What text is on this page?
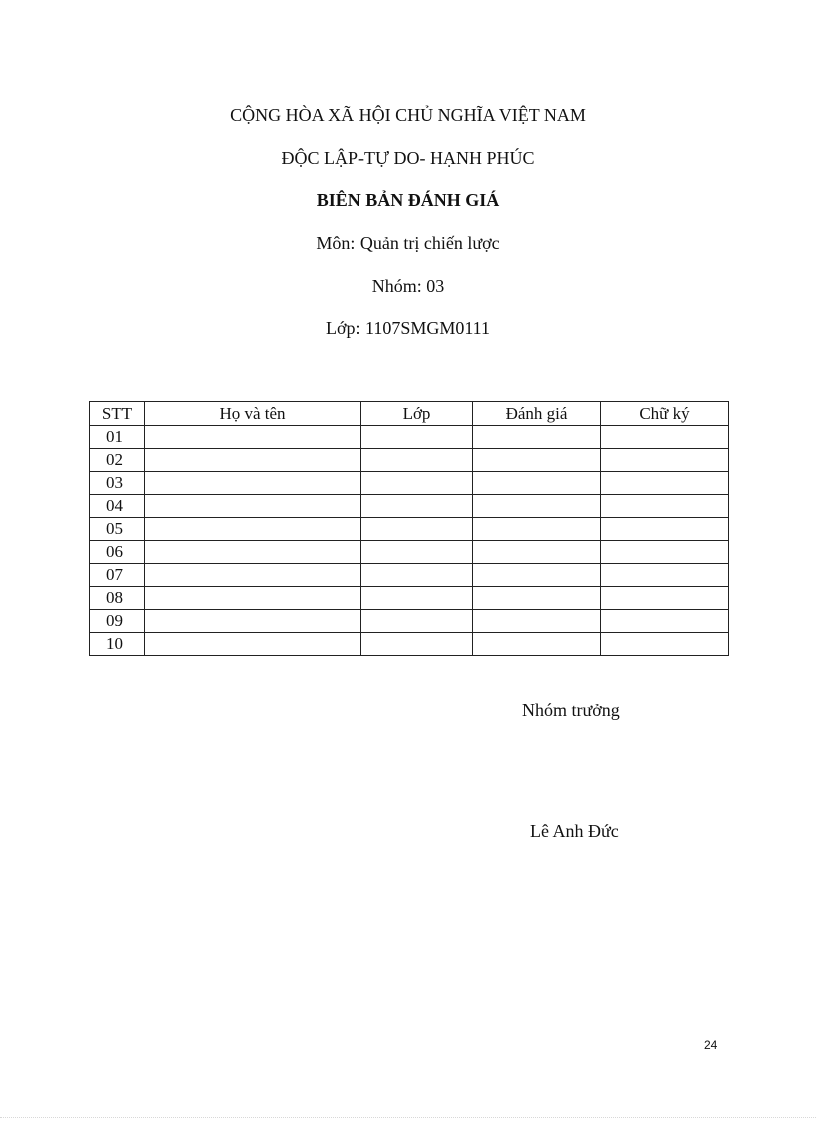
CỘNG HÒA XÃ HỘI CHỦ NGHĨA VIỆT NAM
ĐỘC LẬP-TỰ DO- HẠNH PHÚC
BIÊN BẢN ĐÁNH GIÁ
Môn: Quản trị chiến lược
Nhóm: 03
Lớp: 1107SMGM0111
STT	Họ và tên	Lớp	Đánh giá	Chữ ký
01				
02				
03				
04				
05				
06				
07				
08				
09				
10				
Nhóm trưởng
Lê Anh Đức
24
